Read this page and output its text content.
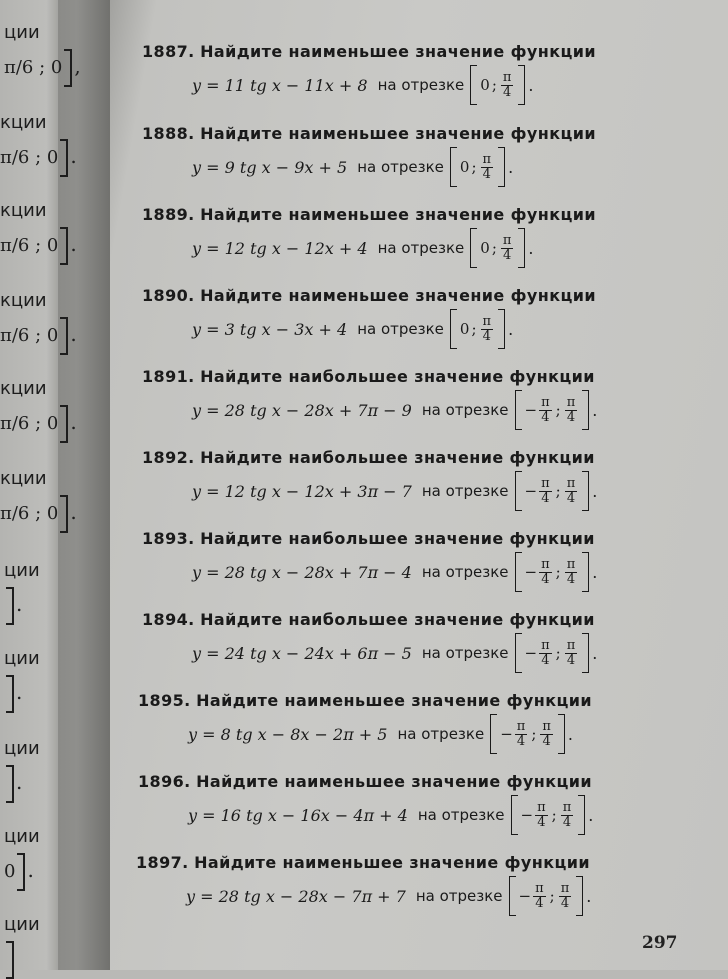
ции
π/6 ; 0 ,
кции
π/6 ; 0 .
кции
π/6 ; 0 .
кции
π/6 ; 0 .
кции
π/6 ; 0 .
кции
π/6 ; 0 .
ции
.
ции
.
ции
.
ции
0 .
ции
1887. Найдите наименьшее значение функции
y = 11 tg x − 11x + 8 на отрезке 0 ; $\frac{\pi}{4}$ .
1888. Найдите наименьшее значение функции
y = 9 tg x − 9x + 5 на отрезке 0 ; $\frac{\pi}{4}$ .
1889. Найдите наименьшее значение функции
y = 12 tg x − 12x + 4 на отрезке 0 ; $\frac{\pi}{4}$ .
1890. Найдите наименьшее значение функции
y = 3 tg x − 3x + 4 на отрезке 0 ; $\frac{\pi}{4}$ .
1891. Найдите наибольшее значение функции
y = 28 tg x − 28x + 7π − 9 на отрезке − $\frac{\pi}{4}$ ; $\frac{\pi}{4}$ .
1892. Найдите наибольшее значение функции
y = 12 tg x − 12x + 3π − 7 на отрезке − $\frac{\pi}{4}$ ; $\frac{\pi}{4}$ .
1893. Найдите наибольшее значение функции
y = 28 tg x − 28x + 7π − 4 на отрезке − $\frac{\pi}{4}$ ; $\frac{\pi}{4}$ .
1894. Найдите наибольшее значение функции
y = 24 tg x − 24x + 6π − 5 на отрезке − $\frac{\pi}{4}$ ; $\frac{\pi}{4}$ .
1895. Найдите наименьшее значение функции
y = 8 tg x − 8x − 2π + 5 на отрезке − $\frac{\pi}{4}$ ; $\frac{\pi}{4}$ .
1896. Найдите наименьшее значение функции
y = 16 tg x − 16x − 4π + 4 на отрезке − $\frac{\pi}{4}$ ; $\frac{\pi}{4}$ .
1897. Найдите наименьшее значение функции
y = 28 tg x − 28x − 7π + 7 на отрезке − $\frac{\pi}{4}$ ; $\frac{\pi}{4}$ .
297
